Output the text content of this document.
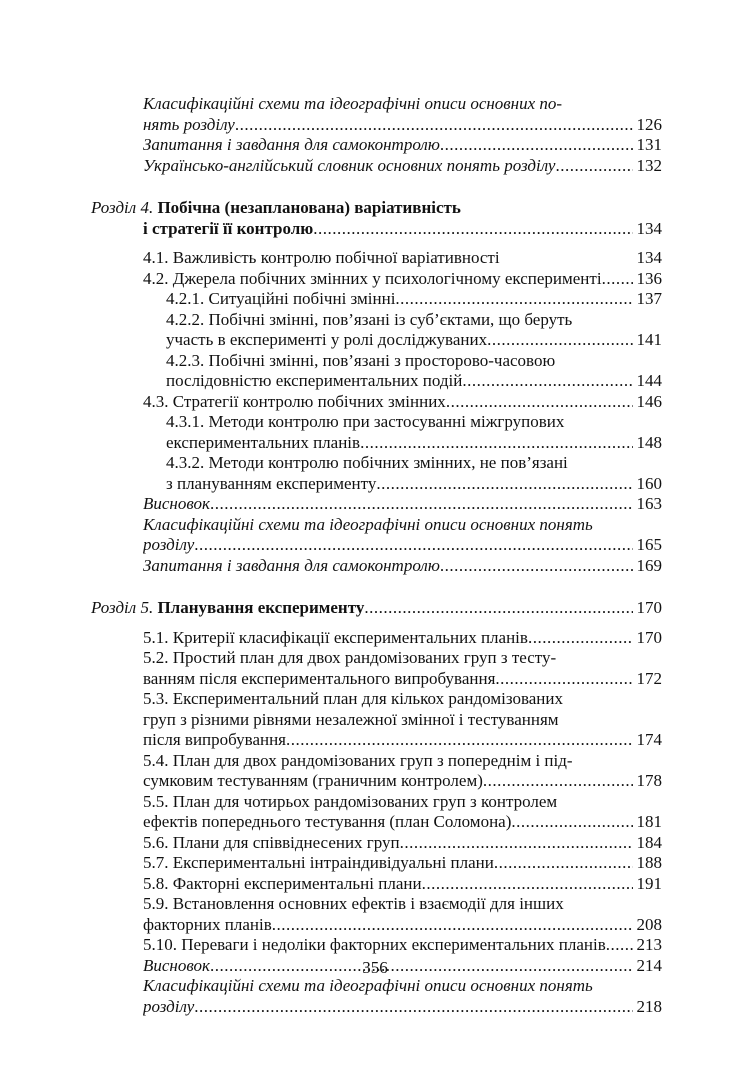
Класифікаційні схеми та ідеографічні описи основних по-
нять розділу .....	126
Запитання і завдання для самоконтролю .....	131
Українсько-англійський словник основних понять розділу .....	132
Розділ 4. Побічна (незапланована) варіативність
і стратегії її контролю .....	134
4.1. Важливість контролю побічної варіативності	134
4.2. Джерела побічних змінних у психологічному експерименті ..... 136
4.2.1. Ситуаційні побічні змінні .....	137
4.2.2. Побічні змінні, пов’язані із суб’єктами, що беруть
участь в експерименті у ролі досліджуваних .....	141
4.2.3. Побічні змінні, пов’язані з просторово-часовою
послідовністю експериментальних подій .....	144
4.3. Стратегії контролю побічних змінних .....	146
4.3.1. Методи контролю при застосуванні міжгрупових
експериментальних планів .....	148
4.3.2. Методи контролю побічних змінних, не пов’язані
з плануванням експерименту .....	160
Висновок .....	163
Класифікаційні схеми та ідеографічні описи основних понять
розділу .....	165
Запитання і завдання для самоконтролю .....	169
Розділ 5. Планування експерименту .....	170
5.1. Критерії класифікації експериментальних планів .....	170
5.2. Простий план для двох рандомізованих груп з тесту-
ванням після експериментального випробування .....	172
5.3. Експериментальний план для кількох рандомізованих
груп з різними рівнями незалежної змінної і тестуванням
після випробування .....	174
5.4. План для двох рандомізованих груп з попереднім і під-
сумковим тестуванням (граничним контролем) .....	178
5.5. План для чотирьох рандомізованих груп з контролем
ефектів попереднього тестування (план Соломона) .....	181
5.6. Плани для співвіднесених груп .....	184
5.7. Експериментальні інтраіндивідуальні плани .....	188
5.8. Факторні експериментальні плани .....	191
5.9. Встановлення основних ефектів і взаємодії для інших
факторних планів .....	208
5.10. Переваги і недоліки факторних експериментальних планів ..... 213
Висновок .....	214
Класифікаційні схеми та ідеографічні описи основних понять
розділу .....	218
356
